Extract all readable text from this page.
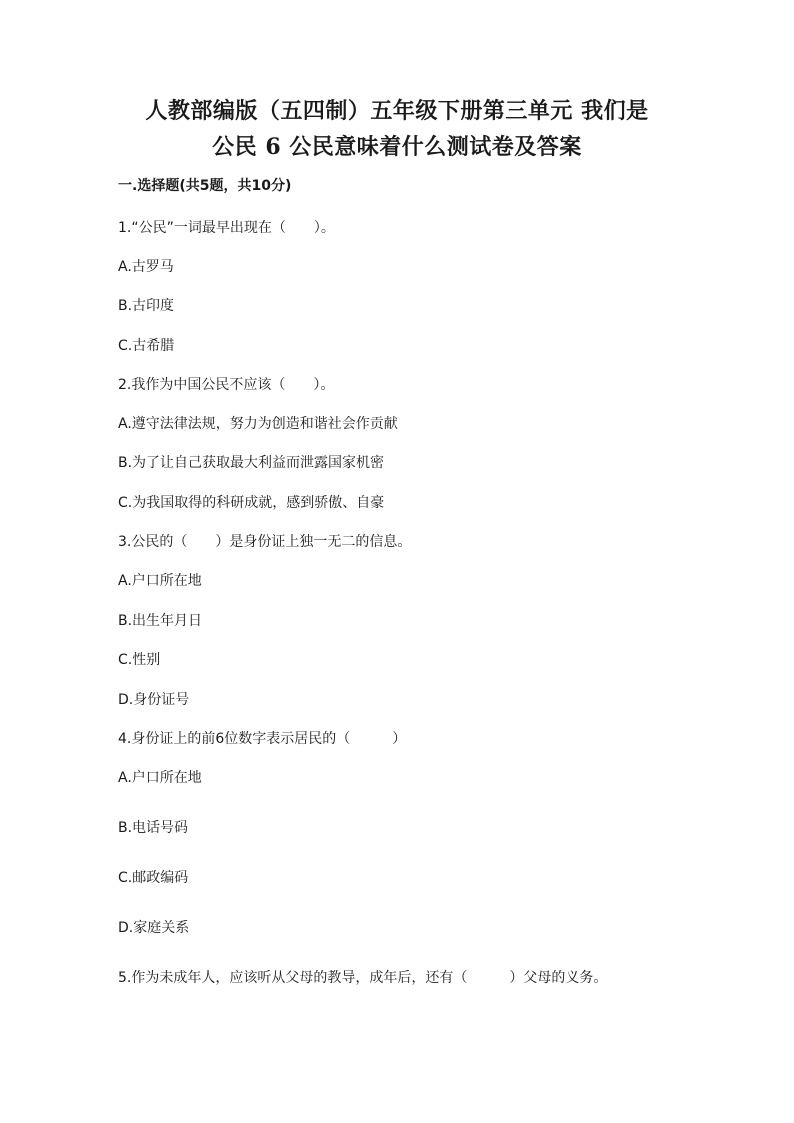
人教部编版（五四制）五年级下册第三单元 我们是
公民 6 公民意味着什么测试卷及答案
一.选择题(共5题，共10分)
1.“公民”一词最早出现在（　　）。
A.古罗马
B.古印度
C.古希腊
2.我作为中国公民不应该（　　）。
A.遵守法律法规，努力为创造和谐社会作贡献
B.为了让自己获取最大利益而泄露国家机密
C.为我国取得的科研成就，感到骄傲、自豪
3.公民的（　　）是身份证上独一无二的信息。
A.户口所在地
B.出生年月日
C.性别
D.身份证号
4.身份证上的前6位数字表示居民的（　　　）
A.户口所在地
B.电话号码
C.邮政编码
D.家庭关系
5.作为未成年人，应该听从父母的教导，成年后，还有（　　　）父母的义务。
